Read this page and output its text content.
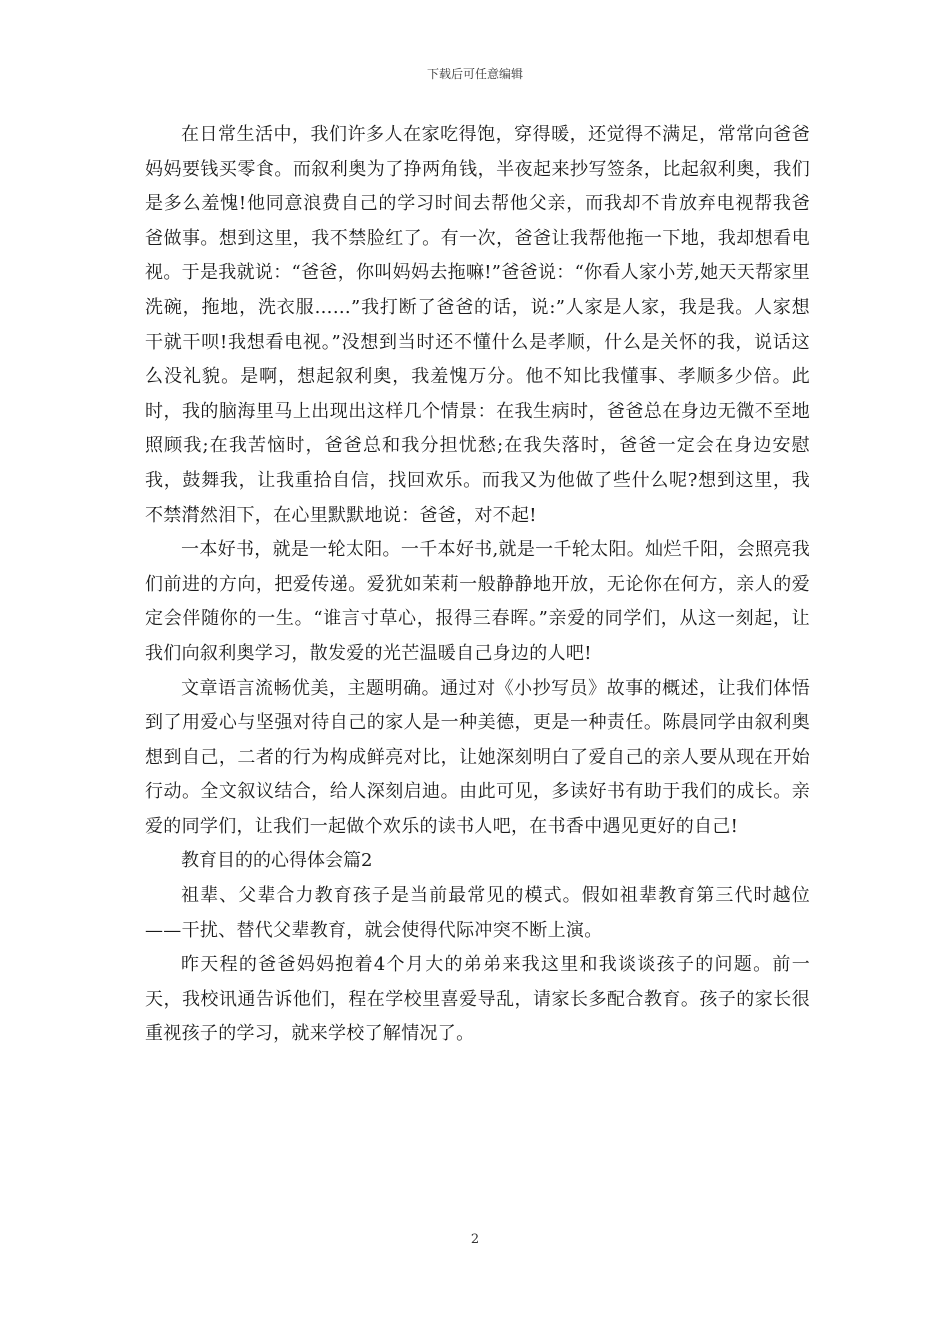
下载后可任意编辑

在日常生活中，我们许多人在家吃得饱，穿得暖，还觉得不满足，常常向爸爸妈妈要钱买零食。而叙利奥为了挣两角钱，半夜起来抄写签条，比起叙利奥，我们是多么羞愧!他同意浪费自己的学习时间去帮他父亲，而我却不肯放弃电视帮我爸爸做事。想到这里，我不禁脸红了。有一次，爸爸让我帮他拖一下地，我却想看电视。于是我就说：“爸爸，你叫妈妈去拖嘛!”爸爸说：“你看人家小芳,她天天帮家里洗碗，拖地，洗衣服……”我打断了爸爸的话，说:”人家是人家，我是我。人家想干就干呗!我想看电视。”没想到当时还不懂什么是孝顺，什么是关怀的我，说话这么没礼貌。是啊，想起叙利奥，我羞愧万分。他不知比我懂事、孝顺多少倍。此时，我的脑海里马上出现出这样几个情景：在我生病时，爸爸总在身边无微不至地照顾我;在我苦恼时，爸爸总和我分担忧愁;在我失落时，爸爸一定会在身边安慰我，鼓舞我，让我重拾自信，找回欢乐。而我又为他做了些什么呢?想到这里，我不禁潸然泪下，在心里默默地说：爸爸，对不起!

一本好书，就是一轮太阳。一千本好书,就是一千轮太阳。灿烂千阳，会照亮我们前进的方向，把爱传递。爱犹如茉莉一般静静地开放，无论你在何方，亲人的爱定会伴随你的一生。“谁言寸草心，报得三春晖。”亲爱的同学们，从这一刻起，让我们向叙利奥学习，散发爱的光芒温暖自己身边的人吧!

文章语言流畅优美，主题明确。通过对《小抄写员》故事的概述，让我们体悟到了用爱心与坚强对待自己的家人是一种美德，更是一种责任。陈晨同学由叙利奥想到自己，二者的行为构成鲜亮对比，让她深刻明白了爱自己的亲人要从现在开始行动。全文叙议结合，给人深刻启迪。由此可见，多读好书有助于我们的成长。亲爱的同学们，让我们一起做个欢乐的读书人吧，在书香中遇见更好的自己!

教育目的的心得体会篇2

祖辈、父辈合力教育孩子是当前最常见的模式。假如祖辈教育第三代时越位——干扰、替代父辈教育，就会使得代际冲突不断上演。

昨天程的爸爸妈妈抱着4个月大的弟弟来我这里和我谈谈孩子的问题。前一天，我校讯通告诉他们，程在学校里喜爱导乱，请家长多配合教育。孩子的家长很重视孩子的学习，就来学校了解情况了。

2
